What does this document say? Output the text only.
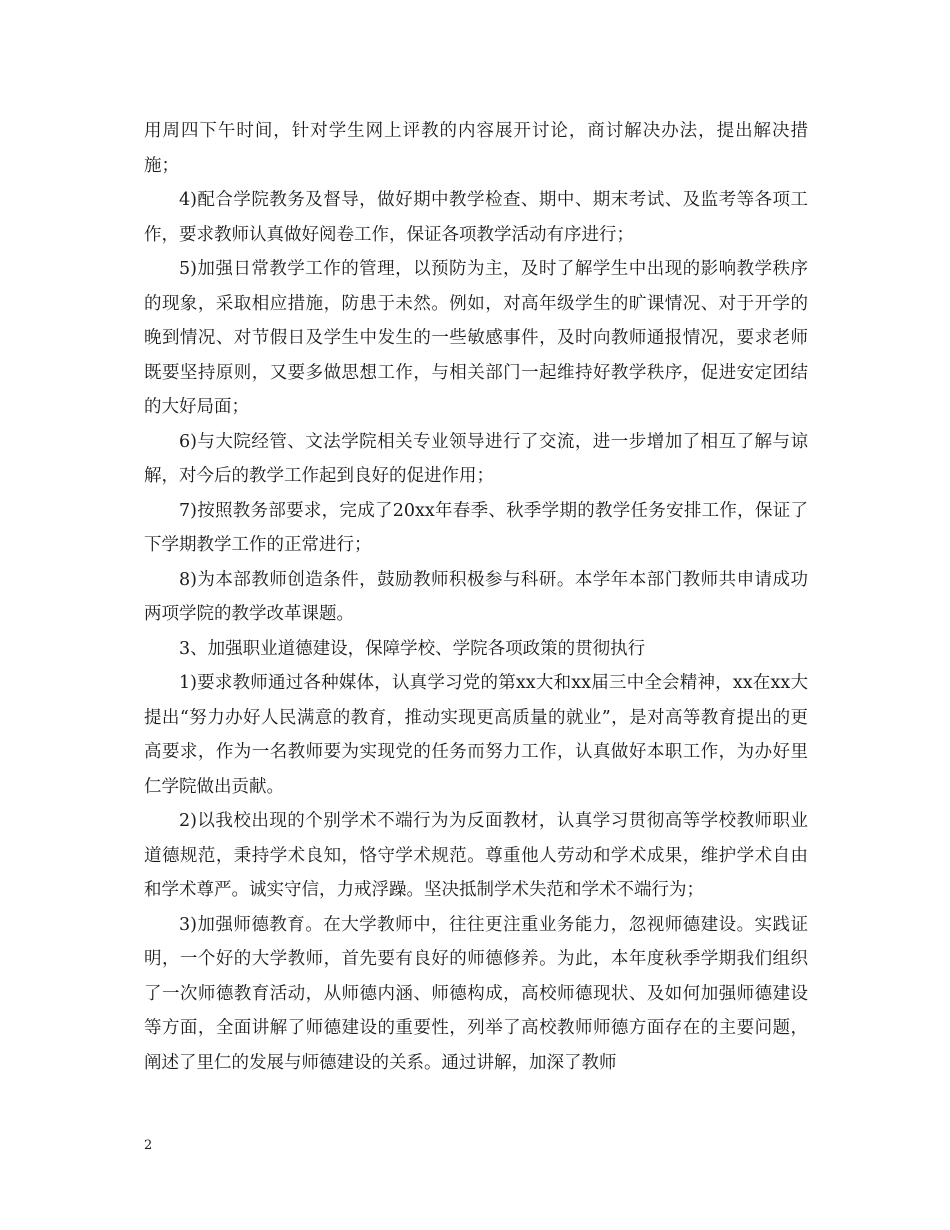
用周四下午时间，针对学生网上评教的内容展开讨论，商讨解决办法，提出解决措施；

4)配合学院教务及督导，做好期中教学检查、期中、期末考试、及监考等各项工作，要求教师认真做好阅卷工作，保证各项教学活动有序进行；

5)加强日常教学工作的管理，以预防为主，及时了解学生中出现的影响教学秩序的现象，采取相应措施，防患于未然。例如，对高年级学生的旷课情况、对于开学的晚到情况、对节假日及学生中发生的一些敏感事件，及时向教师通报情况，要求老师既要坚持原则，又要多做思想工作，与相关部门一起维持好教学秩序，促进安定团结的大好局面；

6)与大院经管、文法学院相关专业领导进行了交流，进一步增加了相互了解与谅解，对今后的教学工作起到良好的促进作用；

7)按照教务部要求，完成了20xx年春季、秋季学期的教学任务安排工作，保证了下学期教学工作的正常进行；

8)为本部教师创造条件，鼓励教师积极参与科研。本学年本部门教师共申请成功两项学院的教学改革课题。

3、加强职业道德建设，保障学校、学院各项政策的贯彻执行

1)要求教师通过各种媒体，认真学习党的第xx大和xx届三中全会精神，xx在xx大提出“努力办好人民满意的教育，推动实现更高质量的就业”，是对高等教育提出的更高要求，作为一名教师要为实现党的任务而努力工作，认真做好本职工作，为办好里仁学院做出贡献。

2)以我校出现的个别学术不端行为为反面教材，认真学习贯彻高等学校教师职业道德规范，秉持学术良知，恪守学术规范。尊重他人劳动和学术成果，维护学术自由和学术尊严。诚实守信，力戒浮躁。坚决抵制学术失范和学术不端行为；

3)加强师德教育。在大学教师中，往往更注重业务能力，忽视师德建设。实践证明，一个好的大学教师，首先要有良好的师德修养。为此，本年度秋季学期我们组织了一次师德教育活动，从师德内涵、师德构成，高校师德现状、及如何加强师德建设等方面，全面讲解了师德建设的重要性，列举了高校教师师德方面存在的主要问题，阐述了里仁的发展与师德建设的关系。通过讲解，加深了教师

2
